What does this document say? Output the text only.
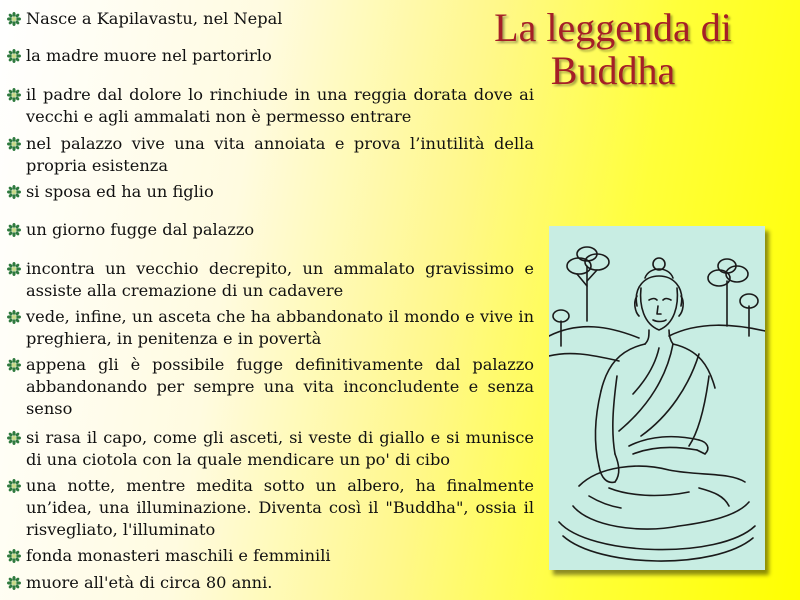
La leggenda di
Buddha
Nasce a Kapilavastu, nel Nepal
la madre muore nel partorirlo
il padre dal dolore lo rinchiude in una reggia dorata dove ai vecchi e agli ammalati non è permesso entrare
nel palazzo vive una vita annoiata e prova l’inutilità della propria esistenza
si sposa ed ha un figlio
un giorno fugge dal palazzo
incontra un vecchio decrepito, un ammalato gravissimo e assiste alla cremazione di un cadavere
vede, infine, un asceta che ha abbandonato il mondo e vive in preghiera, in penitenza e in povertà
appena gli è possibile fugge definitivamente dal palazzo abbandonando per sempre una vita inconcludente e senza senso
si rasa il capo, come gli asceti, si veste di giallo e si munisce di una ciotola con la quale mendicare un po' di cibo
una notte, mentre medita sotto un albero, ha finalmente un’idea, una illuminazione. Diventa così il "Buddha", ossia il risvegliato, l'illuminato
fonda monasteri maschili e femminili
muore all'età di circa 80 anni.
